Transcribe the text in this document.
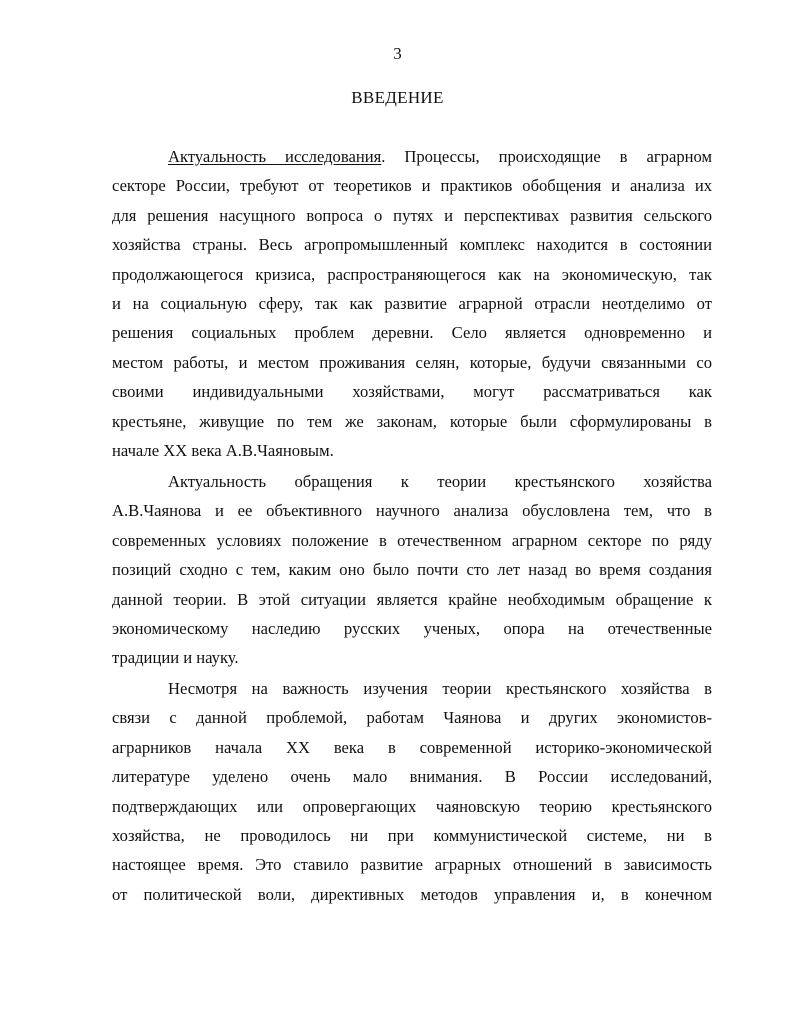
3
ВВЕДЕНИЕ
Актуальность исследования. Процессы, происходящие в аграрном
секторе России, требуют от теоретиков и практиков обобщения и анализа их
для решения насущного вопроса о путях и перспективах развития сельского
хозяйства страны. Весь агропромышленный комплекс находится в состоянии
продолжающегося кризиса, распространяющегося как на экономическую, так
и на социальную сферу, так как развитие аграрной отрасли неотделимо от
решения социальных проблем деревни. Село является одновременно и
местом работы, и местом проживания селян, которые, будучи связанными со
своими индивидуальными хозяйствами, могут рассматриваться как
крестьяне, живущие по тем же законам, которые были сформулированы в
начале XX века А.В.Чаяновым.
Актуальность обращения к теории крестьянского хозяйства
А.В.Чаянова и ее объективного научного анализа обусловлена тем, что в
современных условиях положение в отечественном аграрном секторе по ряду
позиций сходно с тем, каким оно было почти сто лет назад во время создания
данной теории. В этой ситуации является крайне необходимым обращение к
экономическому наследию русских ученых, опора на отечественные
традиции и науку.
Несмотря на важность изучения теории крестьянского хозяйства в
связи с данной проблемой, работам Чаянова и других экономистов-
аграрников начала XX века в современной историко-экономической
литературе уделено очень мало внимания. В России исследований,
подтверждающих или опровергающих чаяновскую теорию крестьянского
хозяйства, не проводилось ни при коммунистической системе, ни в
настоящее время. Это ставило развитие аграрных отношений в зависимость
от политической воли, директивных методов управления и, в конечном
